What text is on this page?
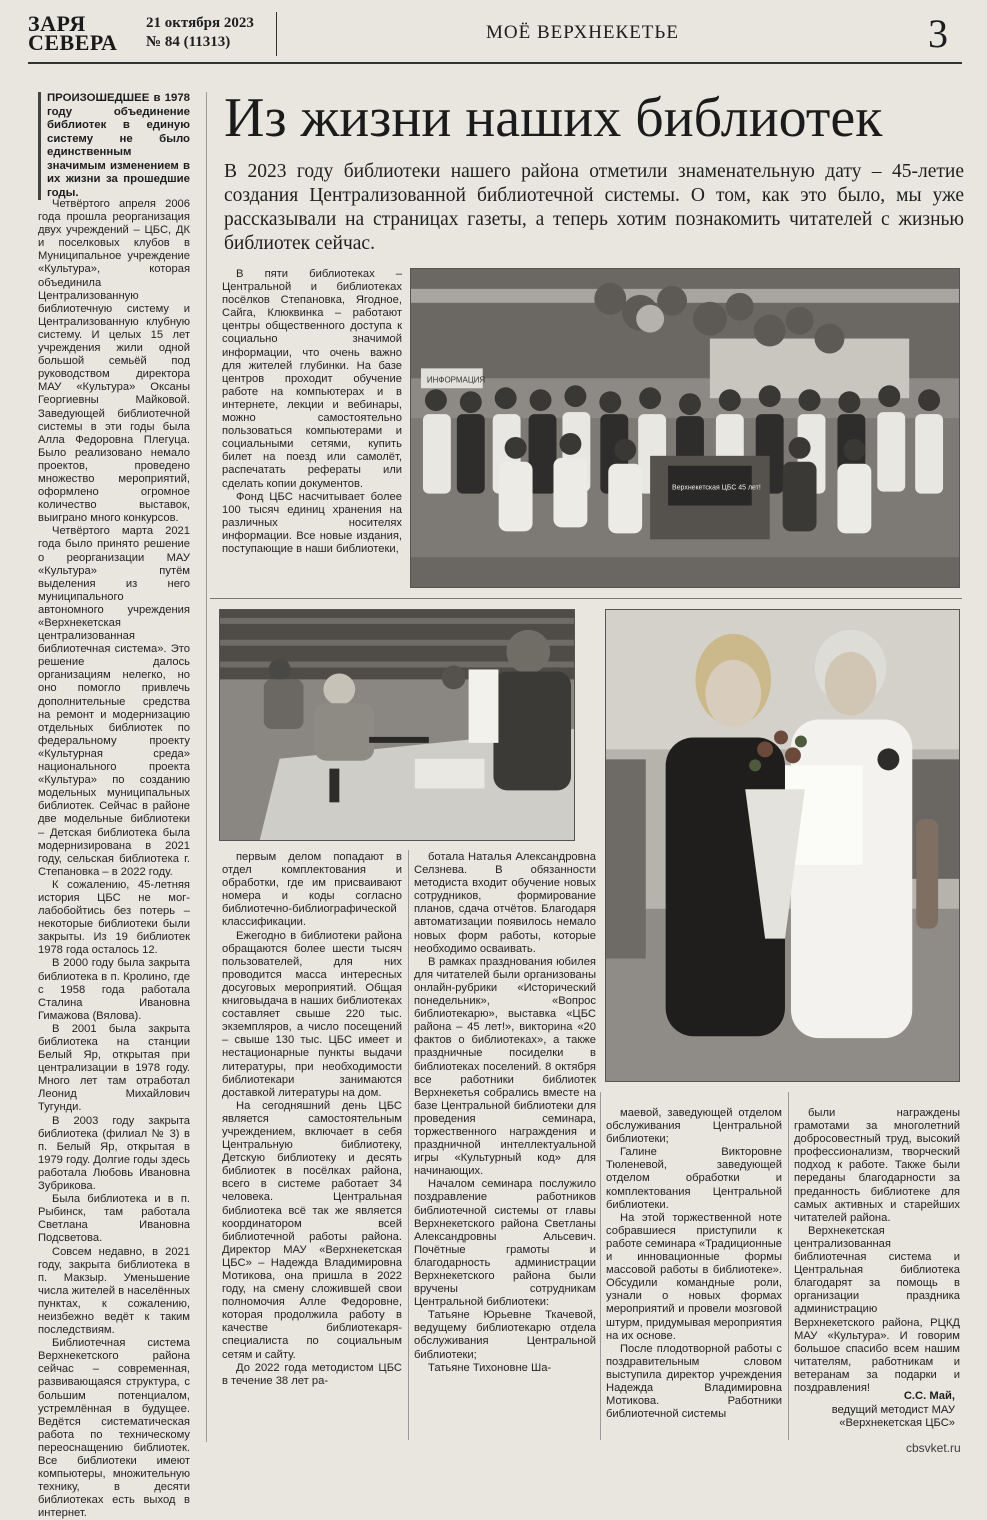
ЗАРЯ
СЕВЕРА
21 октября 2023
№ 84 (11313)	МОЁ ВЕРХНЕКЕТЬЕ	3
ПРОИЗОШЕДШЕЕ в 1978 году объединение библиотек в единую систему не было единственным значимым изменением в их жизни за прошедшие годы.
Из жизни наших библиотек
В 2023 году библиотеки нашего района отметили знаменательную дату – 45-летие создания Централизованной библиотечной системы. О том, как это было, мы уже рассказывали на страницах газеты, а теперь хотим познакомить читателей с жизнью библиотек сейчас.

Четвёртого апреля 2006 года прошла реорганизация двух учреждений – ЦБС, ДК и поселковых клубов в Муниципальное учреждение «Культура», которая объединила Централизованную библиотечную систему и Централизованную клубную систему. И целых 15 лет учреждения жили одной большой семьёй под руководством директора МАУ «Культура» Оксаны Георгиевны Майковой. Заведующей библиотечной системы в эти годы была Алла Федоровна Плегуца. Было реализовано немало проектов, проведено множество мероприятий, оформлено огромное количество выставок, выиграно много конкурсов.

Четвёртого марта 2021 года было принято решение о реорганизации МАУ «Культура» путём выделения из него муниципального автономного учреждения «Верхнекетская централизованная библиотечная система». Это решение далось организациям нелегко, но оно помогло привлечь дополнительные средства на ремонт и модернизацию отдельных библиотек по федеральному проекту «Культурная среда» национального проекта «Культура» по созданию модельных муниципальных библиотек. Сейчас в районе две модельные библиотеки – Детская библиотека была модернизирована в 2021 году, сельская библиотека г. Степановка – в 2022 году.

К сожалению, 45-летняя история ЦБС не моглабобойтись без потерь – некоторые библиотеки были закрыты. Из 19 библиотек 1978 года осталось 12.

В 2000 году была закрыта библиотека в п. Кролино, где с 1958 года работала Сталина Ивановна Гимажова (Вялова).

В 2001 была закрыта библиотека на станции Белый Яр, открытая при централизации в 1978 году. Много лет там отработал Леонид Михайлович Тугунди.

В 2003 году закрыта библиотека (филиал № 3) в п. Белый Яр, открытая в 1979 году. Долгие годы здесь работала Любовь Ивановна Зубрикова.

Была библиотека и в п. Рыбинск, там работала Светлана Ивановна Подсветова.

Совсем недавно, в 2021 году, закрыта библиотека в п. Макзыр. Уменьшение числа жителей в населённых пунктах, к сожалению, неизбежно ведёт к таким последствиям.

Библиотечная система Верхнекетского района сейчас – современная, развивающаяся структура, с большим потенциалом, устремлённая в будущее. Ведётся систематическая работа по техническому переоснащению библиотек. Все библиотеки имеют компьютеры, множительную технику, в десяти библиотеках есть выход в интернет.

В пяти библиотеках – Центральной и библиотеках посёлков Степановка, Ягодное, Сайга, Клюквинка – работают центры общественного доступа к социально значимой информации, что очень важно для жителей глубинки. На базе центров проходит обучение работе на компьютерах и в интернете, лекции и вебинары, можно самостоятельно пользоваться компьютерами и социальными сетями, купить билет на поезд или самолёт, распечатать рефераты или сделать копии документов.

Фонд ЦБС насчитывает более 100 тысяч единиц хранения на различных носителях информации. Все новые издания, поступающие в наши библиотеки,

ИНФОРМАЦИЯ
Верхнекетская ЦБС 45 лет!

первым делом попадают в отдел комплектования и обработки, где им присваивают номера и коды согласно библиотечно-библиографической классификации.

Ежегодно в библиотеки района обращаются более шести тысяч пользователей, для них проводится масса интересных досуговых мероприятий. Общая книговыдача в наших библиотеках составляет свыше 220 тыс. экземпляров, а число посещений – свыше 130 тыс. ЦБС имеет и нестационарные пункты выдачи литературы, при необходимости библиотекари занимаются доставкой литературы на дом.

На сегодняшний день ЦБС является самостоятельным учреждением, включает в себя Центральную библиотеку, Детскую библиотеку и десять библиотек в посёлках района, всего в системе работает 34 человека. Центральная библиотека всё так же является координатором всей библиотечной работы района. Директор МАУ «Верхнекетская ЦБС» – Надежда Владимировна Мотикова, она пришла в 2022 году, на смену сложившей свои полномочия Алле Федоровне, которая продолжила работу в качестве библиотекаря-специалиста по социальным сетям и сайту.

До 2022 года методистом ЦБС в течение 38 лет ра-

ботала Наталья Александровна Селзнева. В обязанности методиста входит обучение новых сотрудников, формирование планов, сдача отчётов. Благодаря автоматизации появилось немало новых форм работы, которые необходимо осваивать.

В рамках празднования юбилея для читателей были организованы онлайн-рубрики «Исторический понедельник», «Вопрос библиотекарю», выставка «ЦБС района – 45 лет!», викторина «20 фактов о библиотеках», а также праздничные посиделки в библиотеках поселений. 8 октября все работники библиотек Верхнекетья собрались вместе на базе Центральной библиотеки для проведения семинара, торжественного награждения и праздничной интеллектуальной игры «Культурный код» для начинающих.

Началом семинара послужило поздравление работников библиотечной системы от главы Верхнекетского района Светланы Александровны Альсевич. Почётные грамоты и благодарность администрации Верхнекетского района были вручены сотрудникам Центральной библиотеки:

Татьяне Юрьевне Ткачевой, ведущему библиотекарю отдела обслуживания Центральной библиотеки;

Татьяне Тихоновне Ша-

маевой, заведующей отделом обслуживания Центральной библиотеки;

Галине Викторовне Тюленевой, заведующей отделом обработки и комплектования Центральной библиотеки.

На этой торжественной ноте собравшиеся приступили к работе семинара «Традиционные и инновационные формы массовой работы в библиотеке». Обсудили командные роли, узнали о новых формах мероприятий и провели мозговой штурм, придумывая мероприятия на их основе.

После плодотворной работы с поздравительным словом выступила директор учреждения Надежда Владимировна Мотикова. Работники библиотечной системы

были награждены грамотами за многолетний добросовестный труд, высокий профессионализм, творческий подход к работе. Также были переданы благодарности за преданность библиотеке для самых активных и старейших читателей района.

Верхнекетская централизованная библиотечная система и Центральная библиотека благодарят за помощь в организации праздника администрацию Верхнекетского района, РЦКД МАУ «Культура». И говорим большое спасибо всем нашим читателям, работникам и ветеранам за подарки и поздравления!

С.С. Май,
ведущий методист МАУ «Верхнекетская ЦБС»
cbsvket.ru
